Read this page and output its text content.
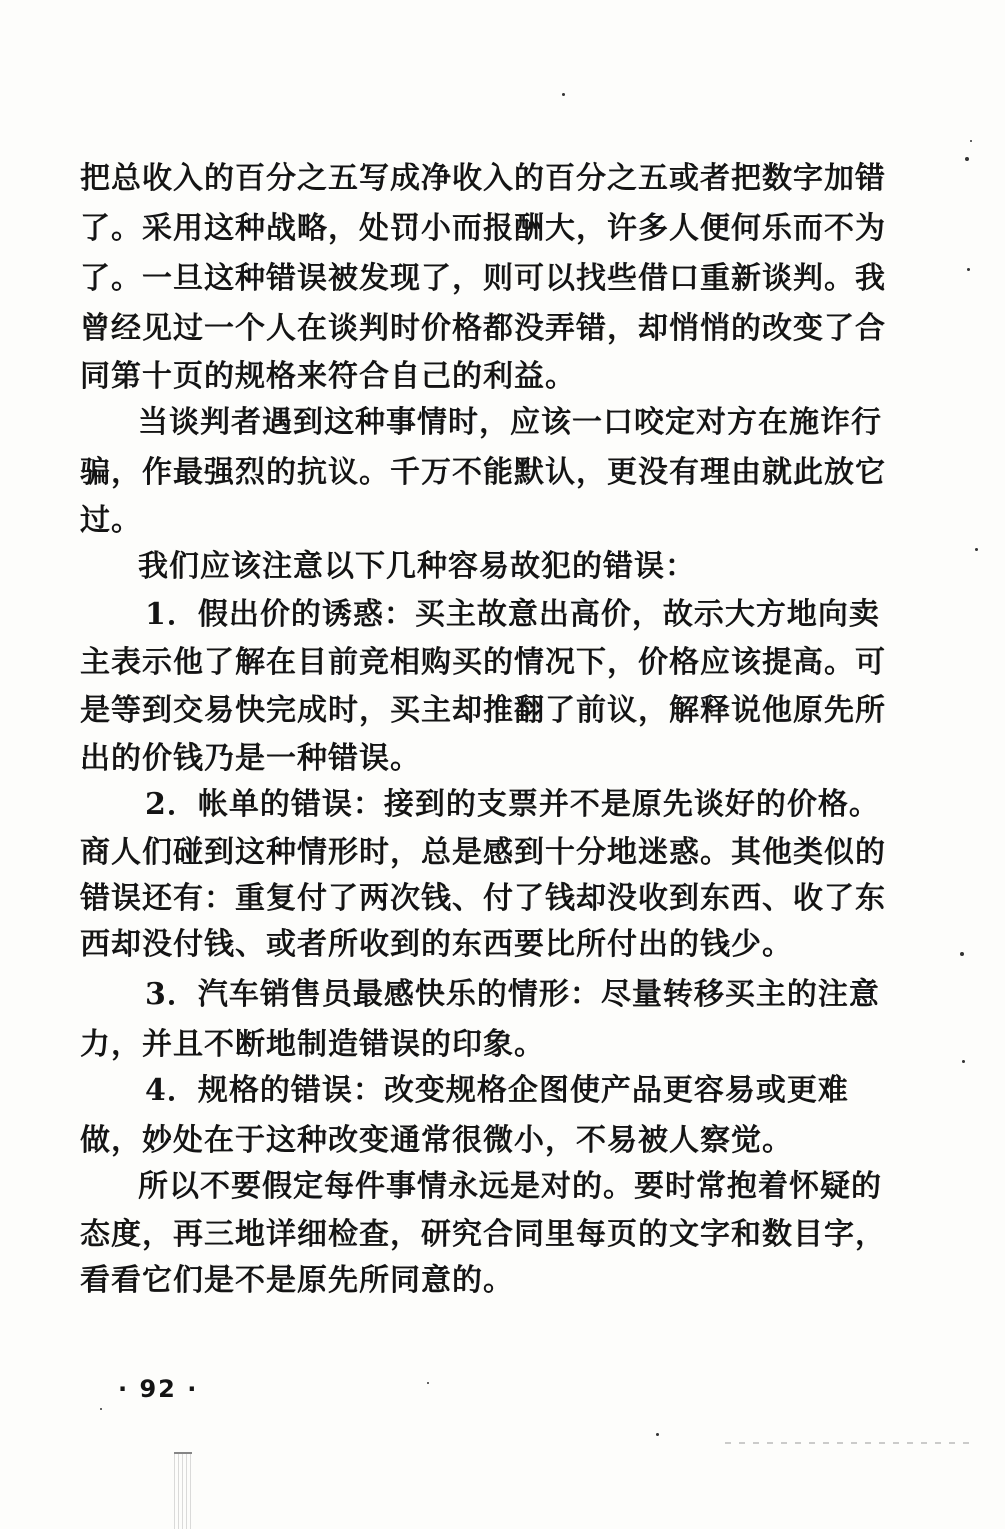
把总收入的百分之五写成净收入的百分之五或者把数字加错
了。采用这种战略，处罚小而报酬大，许多人便何乐而不为
了。一旦这种错误被发现了，则可以找些借口重新谈判。我
曾经见过一个人在谈判时价格都没弄错，却悄悄的改变了合
同第十页的规格来符合自己的利益。
当谈判者遇到这种事情时，应该一口咬定对方在施诈行
骗，作最强烈的抗议。千万不能默认，更没有理由就此放它
过。
我们应该注意以下几种容易故犯的错误：
1．假出价的诱惑：买主故意出高价，故示大方地向卖
主表示他了解在目前竞相购买的情况下，价格应该提高。可
是等到交易快完成时，买主却推翻了前议，解释说他原先所
出的价钱乃是一种错误。
2．帐单的错误：接到的支票并不是原先谈好的价格。
商人们碰到这种情形时，总是感到十分地迷惑。其他类似的
错误还有：重复付了两次钱、付了钱却没收到东西、收了东
西却没付钱、或者所收到的东西要比所付出的钱少。
3．汽车销售员最感快乐的情形：尽量转移买主的注意
力，并且不断地制造错误的印象。
4．规格的错误：改变规格企图使产品更容易或更难
做，妙处在于这种改变通常很微小，不易被人察觉。
所以不要假定每件事情永远是对的。要时常抱着怀疑的
态度，再三地详细检查，研究合同里每页的文字和数目字，
看看它们是不是原先所同意的。
· 92 ·
